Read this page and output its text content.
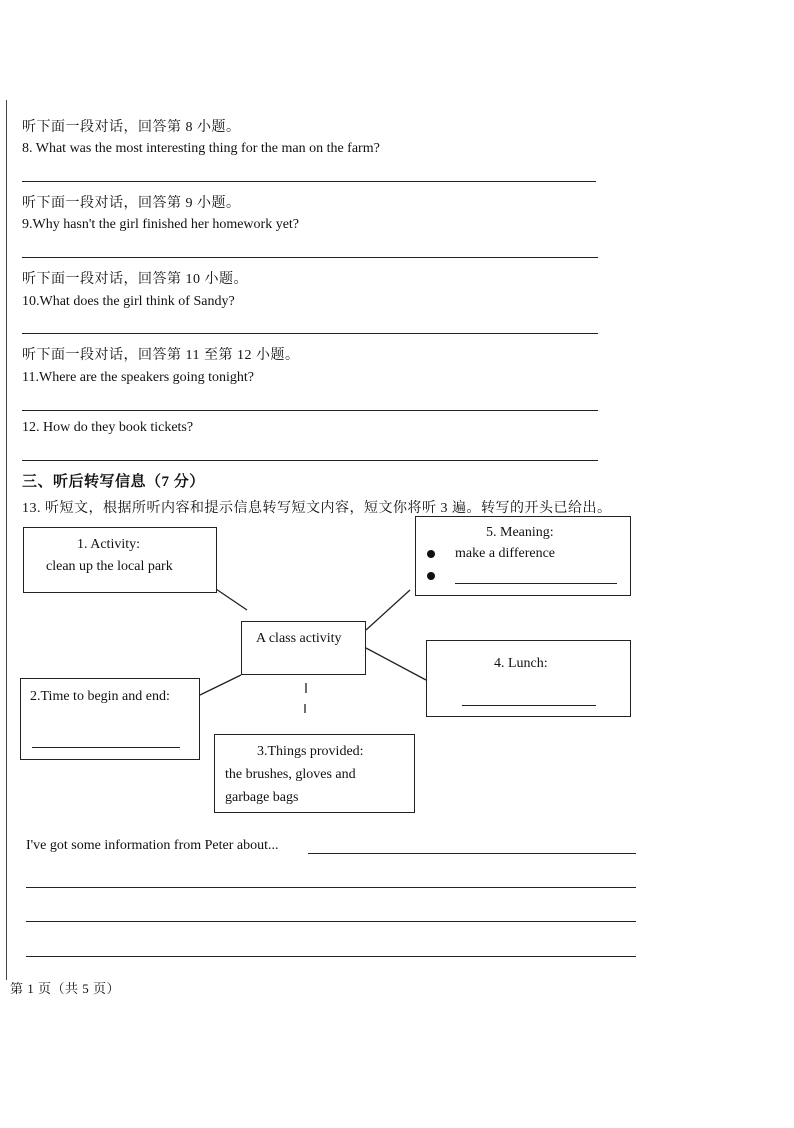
听下面一段对话，回答第 8 小题。
8. What was the most interesting thing for the man on the farm?
听下面一段对话，回答第 9 小题。
9.Why hasn't the girl finished her homework yet?
听下面一段对话，回答第 10 小题。
10.What does the girl think of Sandy?
听下面一段对话，回答第 11 至第 12 小题。
11.Where are the speakers going tonight?
12. How do they book tickets?
三、听后转写信息（7 分）
13. 听短文，根据所听内容和提示信息转写短文内容，短文你将听 3 遍。转写的开头已给出。
1. Activity:
clean up the local park
5. Meaning:
make a difference
A class activity
4. Lunch:
2.Time to begin and end:
3.Things provided:
the brushes, gloves and
garbage bags
I've got some information from Peter about...
第 1 页（共 5 页）
